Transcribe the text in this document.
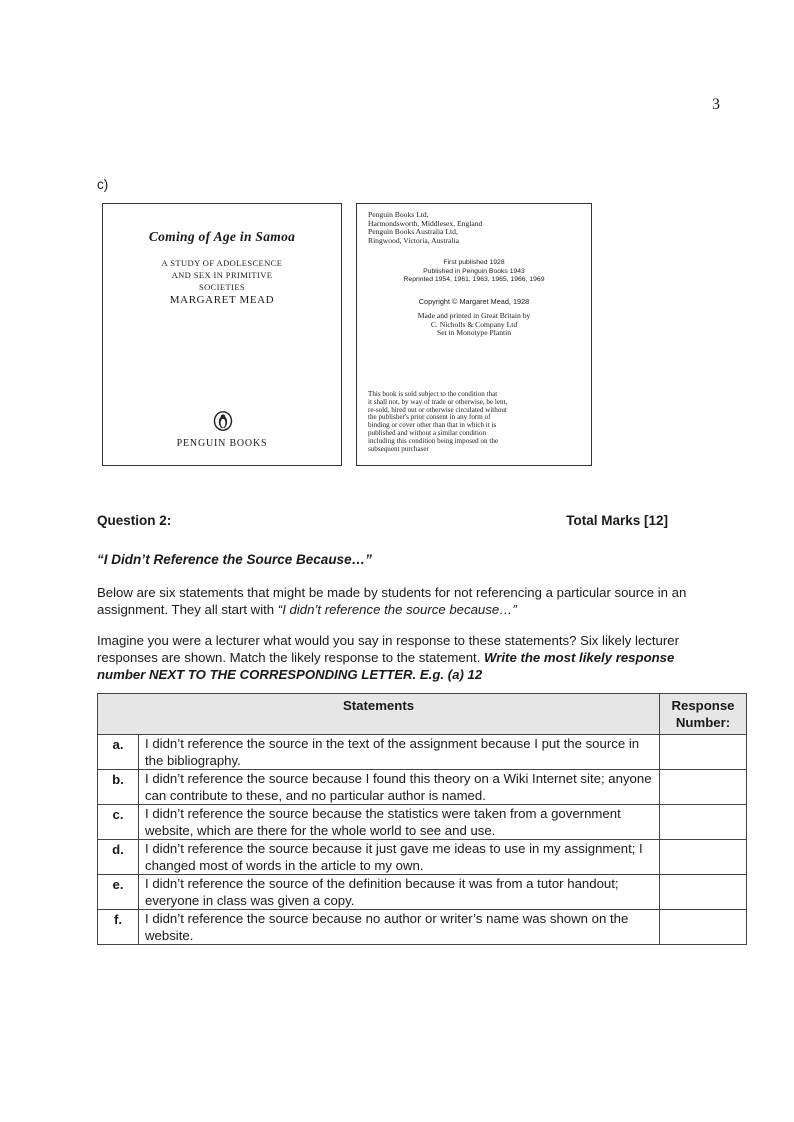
3
c)
Coming of Age in Samoa
A STUDY OF ADOLESCENCE
AND SEX IN PRIMITIVE
SOCIETIES
MARGARET MEAD
PENGUIN BOOKS
Penguin Books Ltd,
Harmondsworth, Middlesex, England
Penguin Books Australia Ltd,
Ringwood, Victoria, Australia
First published 1928
Published in Penguin Books 1943
Reprinted 1954, 1961, 1963, 1965, 1966, 1969
Copyright © Margaret Mead, 1928
Made and printed in Great Britain by
C. Nicholls & Company Ltd
Set in Monotype Plantin
This book is sold subject to the condition that
it shall not, by way of trade or otherwise, be lent,
re-sold, hired out or otherwise circulated without
the publisher's prior consent in any form of
binding or cover other than that in which it is
published and without a similar condition
including this condition being imposed on the
subsequent purchaser
Question 2:	Total Marks [12]
“I Didn’t Reference the Source Because…”
Below are six statements that might be made by students for not referencing a particular source in an assignment. They all start with “I didn’t reference the source because…”
Imagine you were a lecturer what would you say in response to these statements? Six likely lecturer responses are shown. Match the likely response to the statement. Write the most likely response number NEXT TO THE CORRESPONDING LETTER. E.g. (a) 12
Statements		Response Number:
a.	I didn’t reference the source in the text of the assignment because I put the source in the bibliography.	
b.	I didn’t reference the source because I found this theory on a Wiki Internet site; anyone can contribute to these, and no particular author is named.	
c.	I didn’t reference the source because the statistics were taken from a government website, which are there for the whole world to see and use.	
d.	I didn’t reference the source because it just gave me ideas to use in my assignment; I changed most of words in the article to my own.	
e.	I didn’t reference the source of the definition because it was from a tutor handout; everyone in class was given a copy.	
f.	I didn’t reference the source because no author or writer’s name was shown on the website.	
